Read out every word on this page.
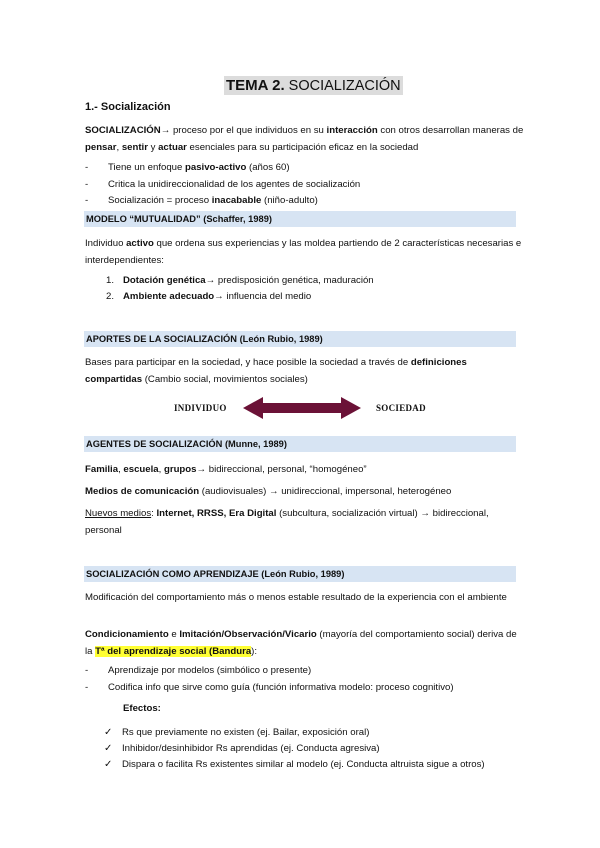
TEMA 2. SOCIALIZACIÓN
1.- Socialización
SOCIALIZACIÓN→ proceso por el que individuos en su interacción con otros desarrollan maneras de pensar, sentir y actuar esenciales para su participación eficaz en la sociedad
- Tiene un enfoque pasivo-activo (años 60)
- Critica la unidireccionalidad de los agentes de socialización
- Socialización = proceso inacabable (niño-adulto)
MODELO “MUTUALIDAD” (Schaffer, 1989)
Individuo activo que ordena sus experiencias y las moldea partiendo de 2 características necesarias e interdependientes:
1. Dotación genética→ predisposición genética, maduración
2. Ambiente adecuado→ influencia del medio
APORTES DE LA SOCIALIZACIÓN (León Rubio, 1989)
Bases para participar en la sociedad, y hace posible la sociedad a través de definiciones compartidas (Cambio social, movimientos sociales)
INDIVIDUO	SOCIEDAD
AGENTES DE SOCIALIZACIÓN (Munne, 1989)
Familia, escuela, grupos→ bidireccional, personal, “homogéneo”
Medios de comunicación (audiovisuales) → unidireccional, impersonal, heterogéneo
Nuevos medios: Internet, RRSS, Era Digital (subcultura, socialización virtual) → bidireccional, personal
SOCIALIZACIÓN COMO APRENDIZAJE (León Rubio, 1989)
Modificación del comportamiento más o menos estable resultado de la experiencia con el ambiente
Condicionamiento e Imitación/Observación/Vicario (mayoría del comportamiento social) deriva de la Tª del aprendizaje social (Bandura):
- Aprendizaje por modelos (simbólico o presente)
- Codifica info que sirve como guía (función informativa modelo: proceso cognitivo)
Efectos:
✓ Rs que previamente no existen (ej. Bailar, exposición oral)
✓ Inhibidor/desinhibidor Rs aprendidas (ej. Conducta agresiva)
✓ Dispara o facilita Rs existentes similar al modelo (ej. Conducta altruista sigue a otros)
